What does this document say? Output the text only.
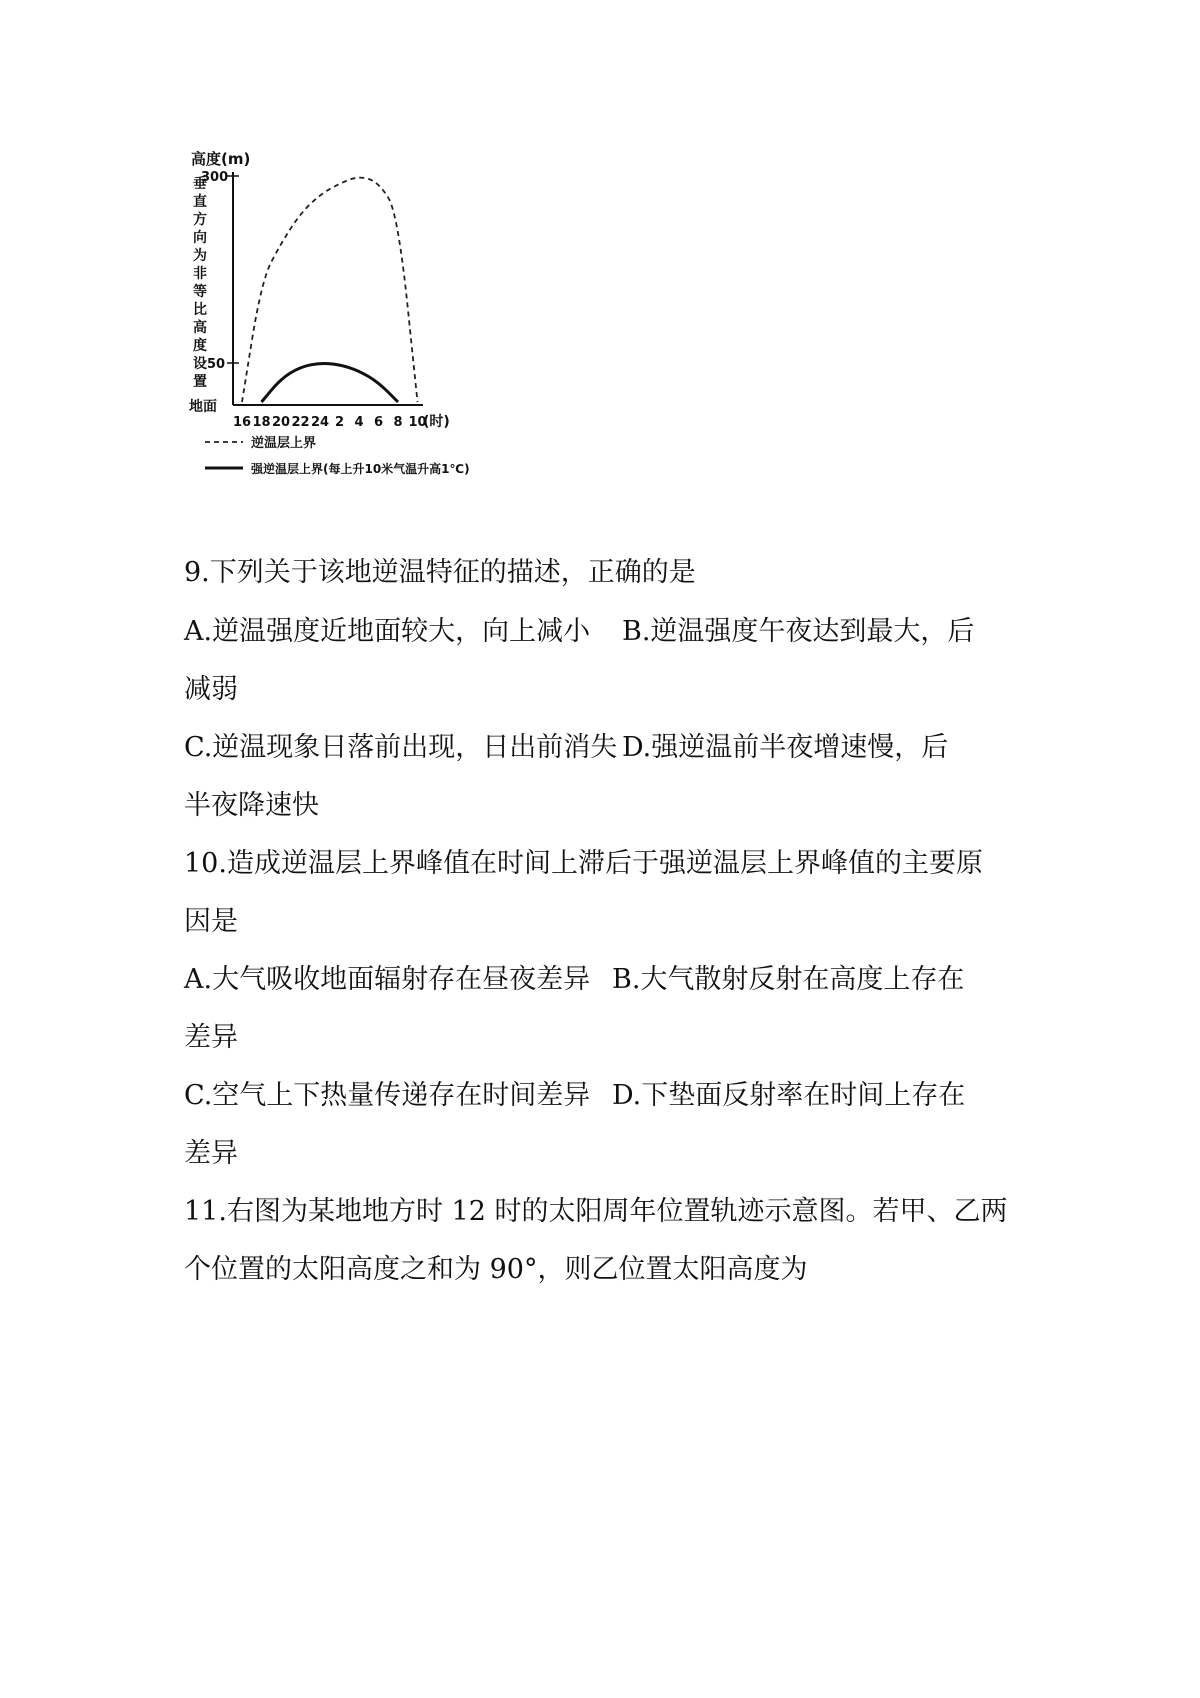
高度(m)
垂
直
方
向
为
非
等
比
高
度
设
置
300
50
地面
16 18 20 22 24 2 4 6 8 10
(时)
逆温层上界
强逆温层上界(每上升10米气温升高1℃)
9.下列关于该地逆温特征的描述，正确的是
A.逆温强度近地面较大，向上减小 B.逆温强度午夜达到最大，后
减弱
C.逆温现象日落前出现，日出前消失 D.强逆温前半夜增速慢，后
半夜降速快
10.造成逆温层上界峰值在时间上滞后于强逆温层上界峰值的主要原
因是
A.大气吸收地面辐射存在昼夜差异 B.大气散射反射在高度上存在
差异
C.空气上下热量传递存在时间差异 D.下垫面反射率在时间上存在
差异
11.右图为某地地方时 12 时的太阳周年位置轨迹示意图。若甲、乙两
个位置的太阳高度之和为 90°，则乙位置太阳高度为
